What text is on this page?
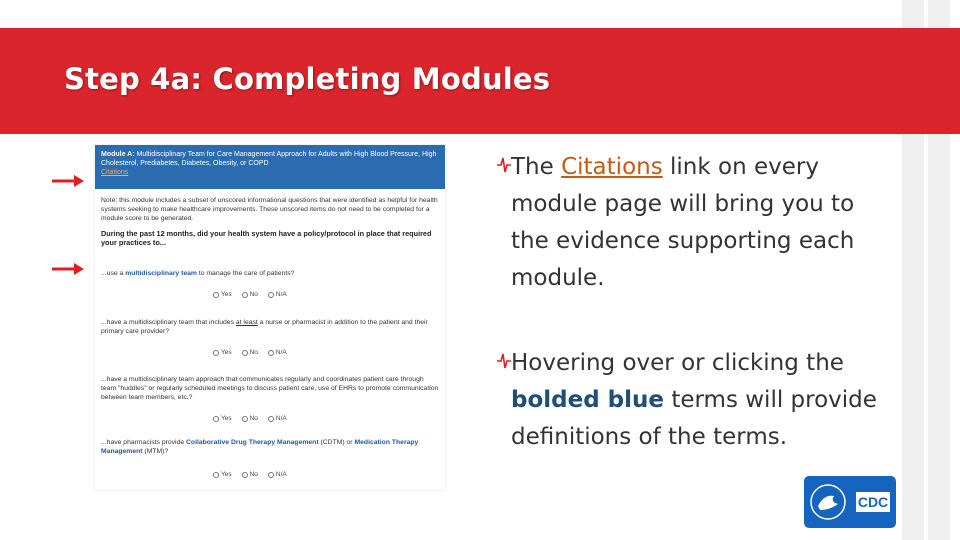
Step 4a: Completing Modules
Module A: Multidisciplinary Team for Care Management Approach for Adults with High Blood Pressure, High Cholesterol, Prediabetes, Diabetes, Obesity, or COPD
Citations
Note: this module includes a subset of unscored informational questions that were identified as helpful for health systems seeking to make healthcare improvements. These unscored items do not need to be completed for a module score to be generated.
During the past 12 months, did your health system have a policy/protocol in place that required your practices to...
...use a multidisciplinary team to manage the care of patients?
Yes	No	N/A
...have a multidisciplinary team that includes at least a nurse or pharmacist in addition to the patient and their primary care provider?
Yes	No	N/A
...have a multidisciplinary team approach that communicates regularly and coordinates patient care through team "huddles" or regularly scheduled meetings to discuss patient care, use of EHRs to promote communication between team members, etc.?
Yes	No	N/A
...have pharmacists provide Collaborative Drug Therapy Management (CDTM) or Medication Therapy Management (MTM)?
Yes	No	N/A
The Citations link on every
module page will bring you to
the evidence supporting each
module.
Hovering over or clicking the
bolded blue terms will provide
definitions of the terms.
CDC
